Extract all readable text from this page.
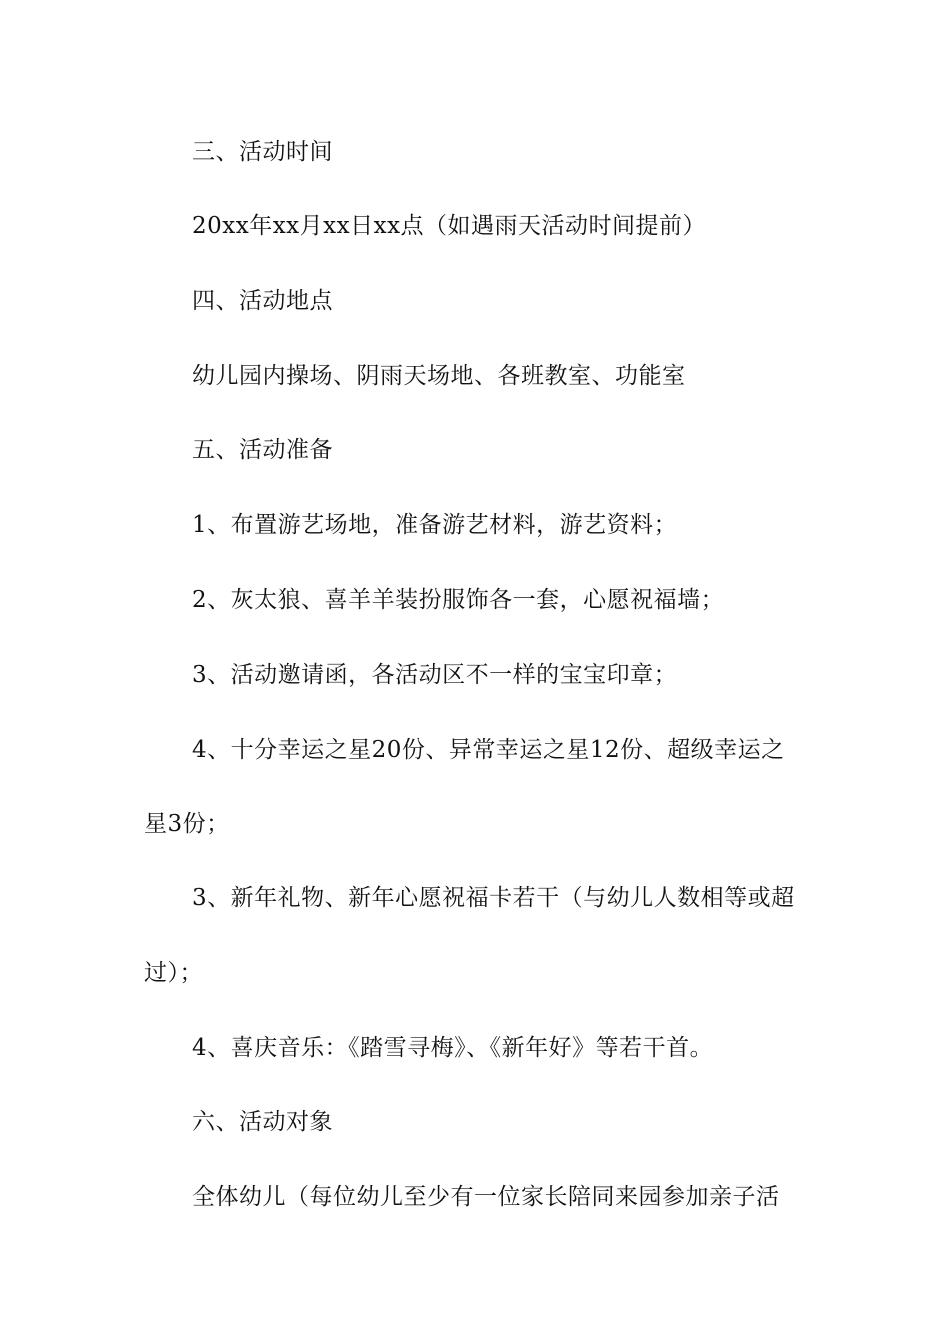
三、活动时间
20xx年xx月xx日xx点（如遇雨天活动时间提前）
四、活动地点
幼儿园内操场、阴雨天场地、各班教室、功能室
五、活动准备
1、布置游艺场地，准备游艺材料，游艺资料；
2、灰太狼、喜羊羊装扮服饰各一套，心愿祝福墙；
3、活动邀请函，各活动区不一样的宝宝印章；
4、十分幸运之星20份、异常幸运之星12份、超级幸运之
星3份；
3、新年礼物、新年心愿祝福卡若干（与幼儿人数相等或超
过）；
4、喜庆音乐：《踏雪寻梅》、《新年好》等若干首。
六、活动对象
全体幼儿（每位幼儿至少有一位家长陪同来园参加亲子活
